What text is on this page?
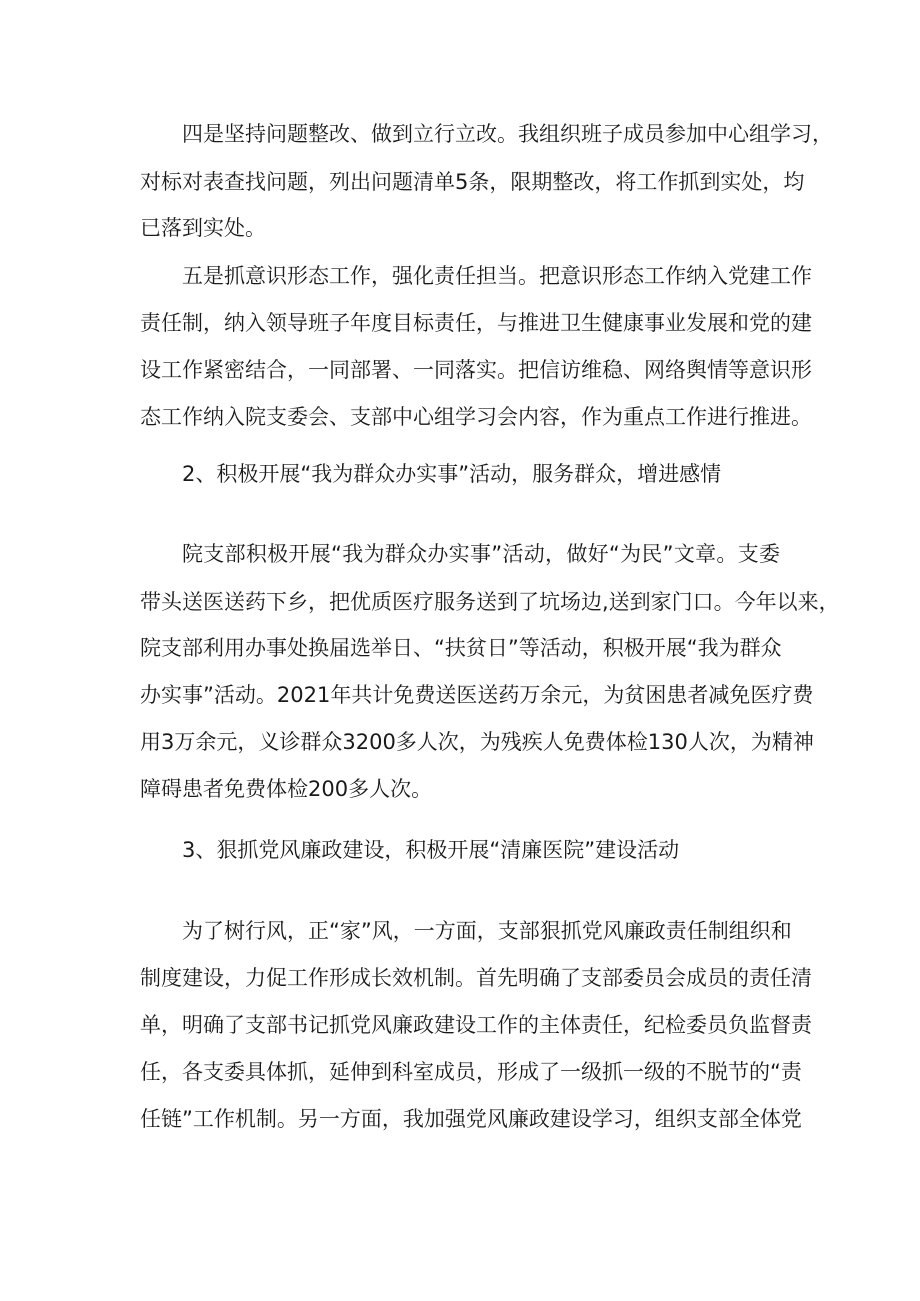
四是坚持问题整改、做到立行立改。我组织班子成员参加中心组学习，
对标对表查找问题，列出问题清单5条，限期整改，将工作抓到实处，均
已落到实处。
五是抓意识形态工作，强化责任担当。把意识形态工作纳入党建工作
责任制，纳入领导班子年度目标责任，与推进卫生健康事业发展和党的建
设工作紧密结合，一同部署、一同落实。把信访维稳、网络舆情等意识形
态工作纳入院支委会、支部中心组学习会内容，作为重点工作进行推进。
2、积极开展“我为群众办实事”活动，服务群众，增进感情
院支部积极开展“我为群众办实事”活动，做好“为民”文章。支委
带头送医送药下乡，把优质医疗服务送到了坑场边,送到家门口。今年以来，
院支部利用办事处换届选举日、“扶贫日”等活动，积极开展“我为群众
办实事”活动。2021年共计免费送医送药万余元，为贫困患者减免医疗费
用3万余元，义诊群众3200多人次，为残疾人免费体检130人次，为精神
障碍患者免费体检200多人次。
3、狠抓党风廉政建设，积极开展“清廉医院”建设活动
为了树行风，正“家”风，一方面，支部狠抓党风廉政责任制组织和
制度建设，力促工作形成长效机制。首先明确了支部委员会成员的责任清
单，明确了支部书记抓党风廉政建设工作的主体责任，纪检委员负监督责
任，各支委具体抓，延伸到科室成员，形成了一级抓一级的不脱节的“责
任链”工作机制。另一方面，我加强党风廉政建设学习，组织支部全体党
